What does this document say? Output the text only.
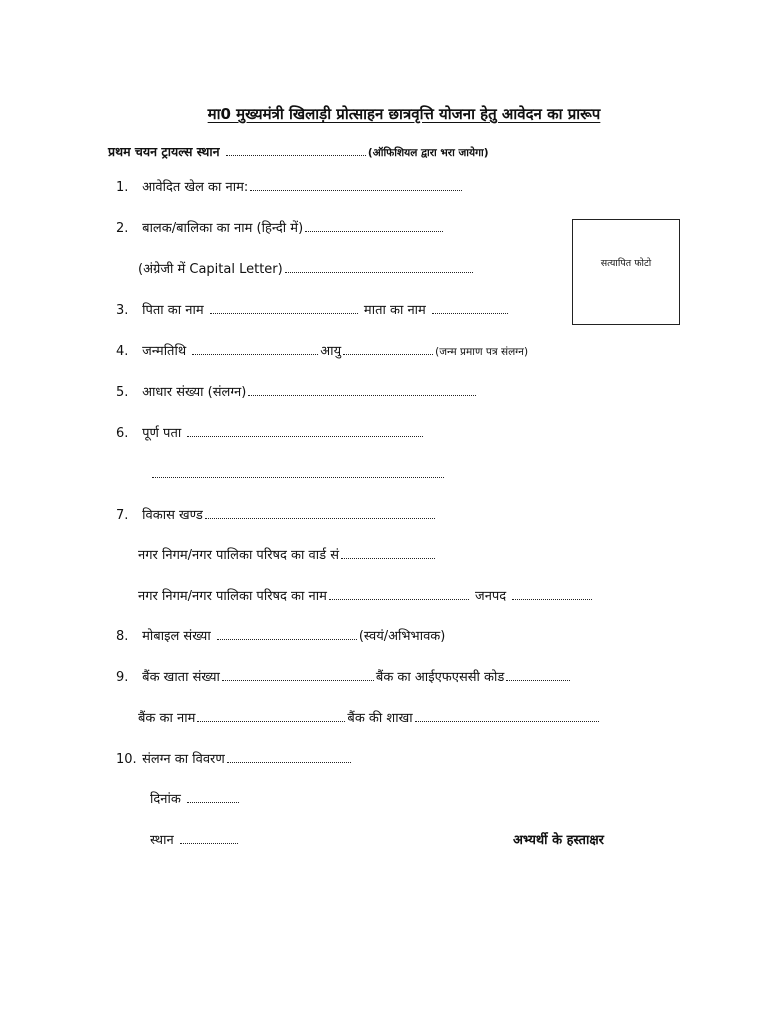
मा0 मुख्यमंत्री खिलाड़ी प्रोत्साहन छात्रवृत्ति योजना हेतु आवेदन का प्रारूप
प्रथम चयन ट्रायल्स स्थान	(ऑफिशियल द्वारा भरा जायेगा)
1. आवेदित खेल का नाम:
2. बालक/बालिका का नाम (हिन्दी में)
(अंग्रेजी में Capital Letter)	सत्यापित फोटो
3. पिता का नाम	माता का नाम
4. जन्मतिथि	आयु	(जन्म प्रमाण पत्र संलग्न)
5. आधार संख्या (संलग्न)
6. पूर्ण पता
7. विकास खण्ड
नगर निगम/नगर पालिका परिषद का वार्ड सं
नगर निगम/नगर पालिका परिषद का नाम	जनपद
8. मोबाइल संख्या	(स्वयं/अभिभावक)
9. बैंक खाता संख्या	बैंक का आईएफएससी कोड
बैंक का नाम	बैंक की शाखा
10. संलग्न का विवरण
दिनांक
स्थान	अभ्यर्थी के हस्ताक्षर
